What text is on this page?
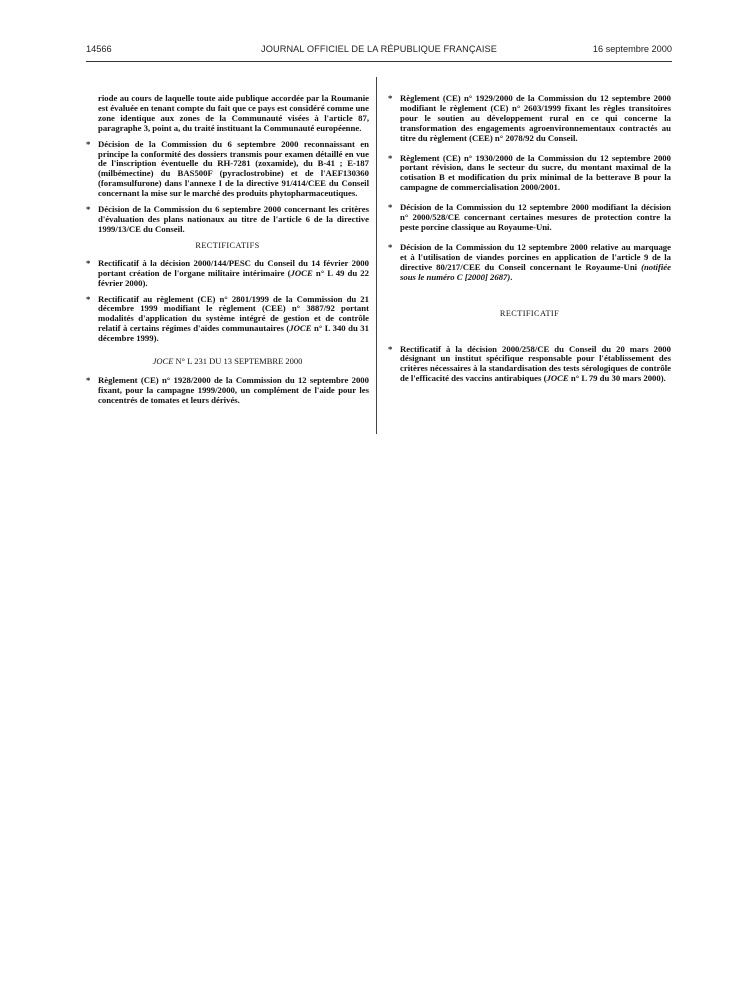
14566	JOURNAL OFFICIEL DE LA RÉPUBLIQUE FRANÇAISE	16 septembre 2000

riode au cours de laquelle toute aide publique accordée par la Roumanie est évaluée en tenant compte du fait que ce pays est considéré comme une zone identique aux zones de la Communauté visées à l'article 87, paragraphe 3, point a, du traité instituant la Communauté européenne.

* Décision de la Commission du 6 septembre 2000 reconnaissant en principe la conformité des dossiers transmis pour examen détaillé en vue de l'inscription éventuelle du RH-7281 (zoxamide), du B-41 ; E-187 (milbémectine) du BAS500F (pyraclostrobine) et de l'AEF130360 (foramsulfurone) dans l'annexe I de la directive 91/414/CEE du Conseil concernant la mise sur le marché des produits phytopharmaceutiques.

* Décision de la Commission du 6 septembre 2000 concernant les critères d'évaluation des plans nationaux au titre de l'article 6 de la directive 1999/13/CE du Conseil.

RECTIFICATIFS

* Rectificatif à la décision 2000/144/PESC du Conseil du 14 février 2000 portant création de l'organe militaire intérimaire (JOCE n° L 49 du 22 février 2000).

* Rectificatif au règlement (CE) n° 2801/1999 de la Commission du 21 décembre 1999 modifiant le règlement (CEE) n° 3887/92 portant modalités d'application du système intégré de gestion et de contrôle relatif à certains régimes d'aides communautaires (JOCE n° L 340 du 31 décembre 1999).

JOCE N° L 231 DU 13 SEPTEMBRE 2000

* Règlement (CE) n° 1928/2000 de la Commission du 12 septembre 2000 fixant, pour la campagne 1999/2000, un complément de l'aide pour les concentrés de tomates et leurs dérivés.

* Règlement (CE) n° 1929/2000 de la Commission du 12 septembre 2000 modifiant le règlement (CE) n° 2603/1999 fixant les règles transitoires pour le soutien au développement rural en ce qui concerne la transformation des engagements agroenvironnementaux contractés au titre du règlement (CEE) n° 2078/92 du Conseil.

* Règlement (CE) n° 1930/2000 de la Commission du 12 septembre 2000 portant révision, dans le secteur du sucre, du montant maximal de la cotisation B et modification du prix minimal de la betterave B pour la campagne de commercialisation 2000/2001.

* Décision de la Commission du 12 septembre 2000 modifiant la décision n° 2000/528/CE concernant certaines mesures de protection contre la peste porcine classique au Royaume-Uni.

* Décision de la Commission du 12 septembre 2000 relative au marquage et à l'utilisation de viandes porcines en application de l'article 9 de la directive 80/217/CEE du Conseil concernant le Royaume-Uni (notifiée sous le numéro C [2000] 2687).

RECTIFICATIF

* Rectificatif à la décision 2000/258/CE du Conseil du 20 mars 2000 désignant un institut spécifique responsable pour l'établissement des critères nécessaires à la standardisation des tests sérologiques de contrôle de l'efficacité des vaccins antirabiques (JOCE n° L 79 du 30 mars 2000).
